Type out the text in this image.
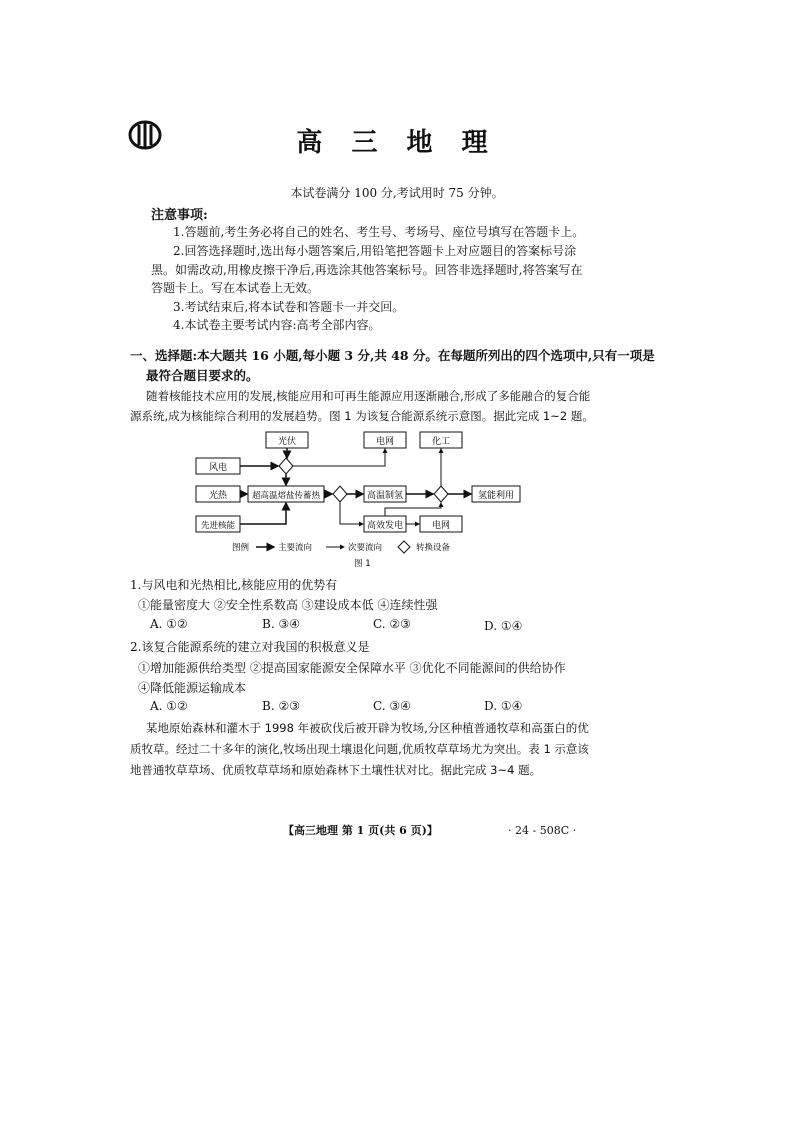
高 三 地 理
本试卷满分 100 分,考试用时 75 分钟。
注意事项:
1.答题前,考生务必将自己的姓名、考生号、考场号、座位号填写在答题卡上。
2.回答选择题时,选出每小题答案后,用铅笔把答题卡上对应题目的答案标号涂
黑。如需改动,用橡皮擦干净后,再选涂其他答案标号。回答非选择题时,将答案写在
答题卡上。写在本试卷上无效。
3.考试结束后,将本试卷和答题卡一并交回。
4.本试卷主要考试内容:高考全部内容。
一、选择题:本大题共 16 小题,每小题 3 分,共 48 分。在每题所列出的四个选项中,只有一项是
最符合题目要求的。
随着核能技术应用的发展,核能应用和可再生能源应用逐渐融合,形成了多能融合的复合能
源系统,成为核能综合利用的发展趋势。图 1 为该复合能源系统示意图。据此完成 1~2 题。
光伏	电网	化工
风电
光热	超高温熔盐传蓄热	高温制氢	氢能利用
先进核能	高效发电	电网
图例	主要流向	次要流向	转换设备
图 1
1.与风电和光热相比,核能应用的优势有
①能量密度大 ②安全性系数高 ③建设成本低 ④连续性强
A. ①②	B. ③④	C. ②③	D. ①④
2.该复合能源系统的建立对我国的积极意义是
①增加能源供给类型 ②提高国家能源安全保障水平 ③优化不同能源间的供给协作
④降低能源运输成本
A. ①②	B. ②③	C. ③④	D. ①④
某地原始森林和灌木于 1998 年被砍伐后被开辟为牧场,分区种植普通牧草和高蛋白的优
质牧草。经过二十多年的演化,牧场出现土壤退化问题,优质牧草草场尤为突出。表 1 示意该
地普通牧草草场、优质牧草草场和原始森林下土壤性状对比。据此完成 3~4 题。
【高三地理 第 1 页(共 6 页)】	· 24 - 508C ·
